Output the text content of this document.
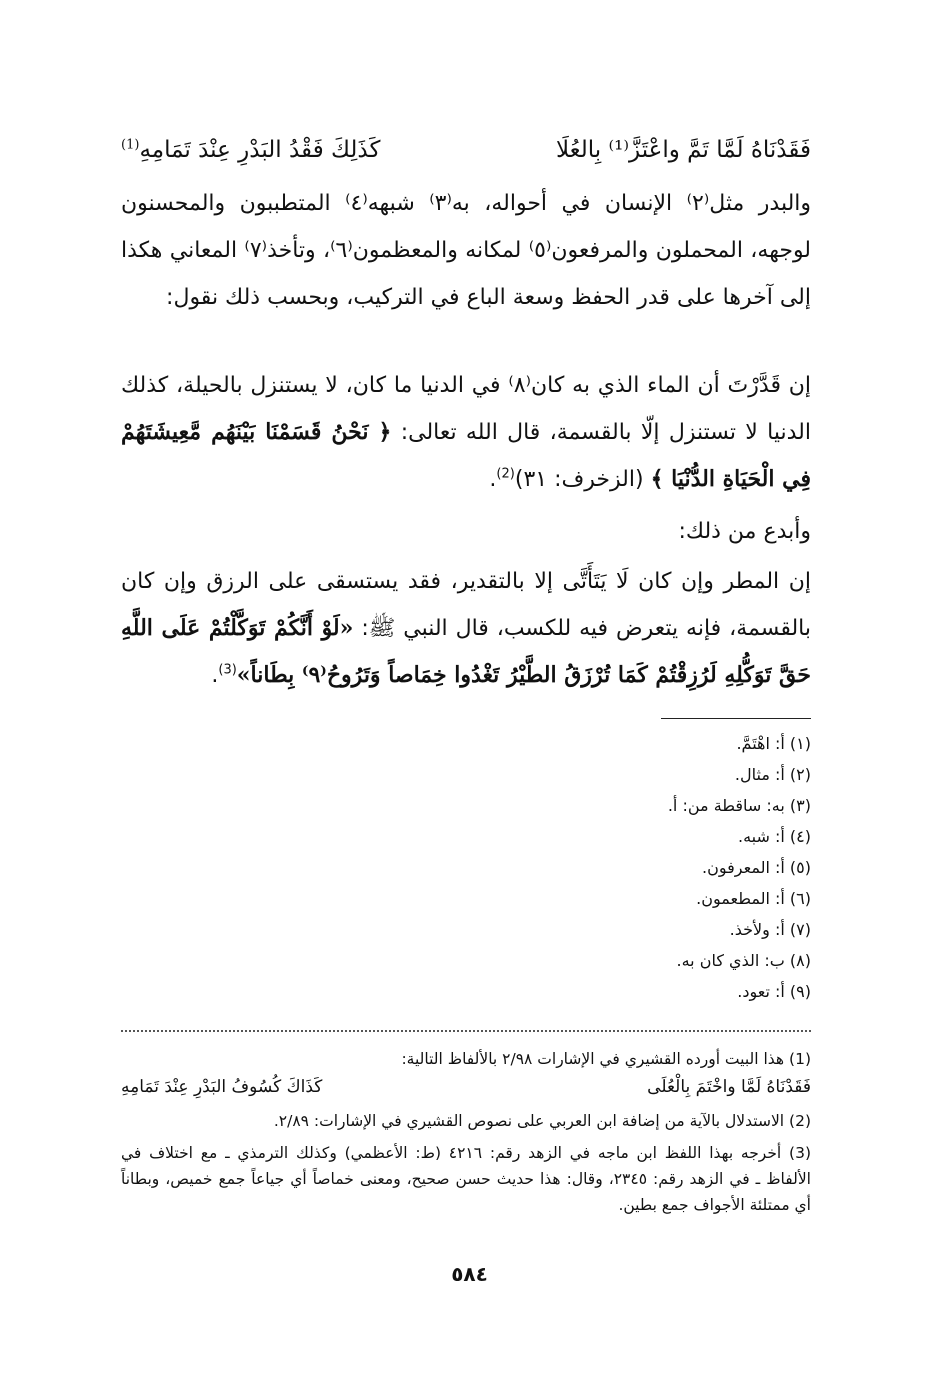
فَقَدْنَاهُ لَمَّا تَمَّ واعْتَزَّ⁽¹⁾ بِالعُلَا
كَذَلِكَ فَقْدُ البَدْرِ عِنْدَ تَمَامِهِ$^{(1)}$

والبدر مثل⁽٢⁾ الإنسان في أحواله، به⁽٣⁾ شبهه⁽٤⁾ المتطببون والمحسنون لوجهه، المحملون والمرفعون⁽٥⁾ لمكانه والمعظمون⁽٦⁾، وتأخذ⁽٧⁾ المعاني هكذا إلى آخرها على قدر الحفظ وسعة الباع في التركيب، وبحسب ذلك نقول:

إن قَدَّرْتَ أن الماء الذي به كان⁽٨⁾ في الدنيا ما كان، لا يستنزل بالحيلة، كذلك الدنيا لا تستنزل إلّا بالقسمة، قال الله تعالى: ﴿ نَحْنُ قَسَمْنَا بَيْنَهُم مَّعِيشَتَهُمْ فِي الْحَيَاةِ الدُّنْيَا ﴾ (الزخرف: ٣١)$^{(2)}$.

وأبدع من ذلك:

إن المطر وإن كان لَا يَتَأَتَّى إلا بالتقدير، فقد يستسقى على الرزق وإن كان بالقسمة، فإنه يتعرض فيه للكسب، قال النبي ﷺ: «لَوْ أَنَّكُمْ تَوَكَّلْتُمْ عَلَى اللَّهِ حَقَّ تَوَكُّلِهِ لَرُزِقْتُمْ كَمَا تُرْزَقُ الطَّيْرُ تَغْدُوا خِمَاصاً وَتَرُوحُ⁽٩⁾ بِطَاناً»$^{(3)}$.

(١) أ: اهْتَمَّ.
(٢) أ: مثال.
(٣) به: ساقطة من: أ.
(٤) أ: شبه.
(٥) أ: المعرفون.
(٦) أ: المطعمون.
(٧) أ: ولأخذ.
(٨) ب: الذي كان به.
(٩) أ: تعود.

(1) هذا البيت أورده القشيري في الإشارات ٢/٩٨ بالألفاظ التالية:

فَقَدْنَاهُ لَمَّا واخْتَمَ بِالْعُلَى
كَذَاكَ كُسُوفُ البَدْرِ عِنْدَ تَمَامِهِ

(2) الاستدلال بالآية من إضافة ابن العربي على نصوص القشيري في الإشارات: ٢/٨٩.

(3) أخرجه بهذا اللفظ ابن ماجه في الزهد رقم: ٤٢١٦ (ط: الأعظمي) وكذلك الترمذي ـ مع اختلاف في الألفاظ ـ في الزهد رقم: ٢٣٤٥، وقال: هذا حديث حسن صحيح، ومعنى خماصاً أي جياعاً جمع خميص، وبطاناً أي ممتلئة الأجواف جمع بطين.

٥٨٤
